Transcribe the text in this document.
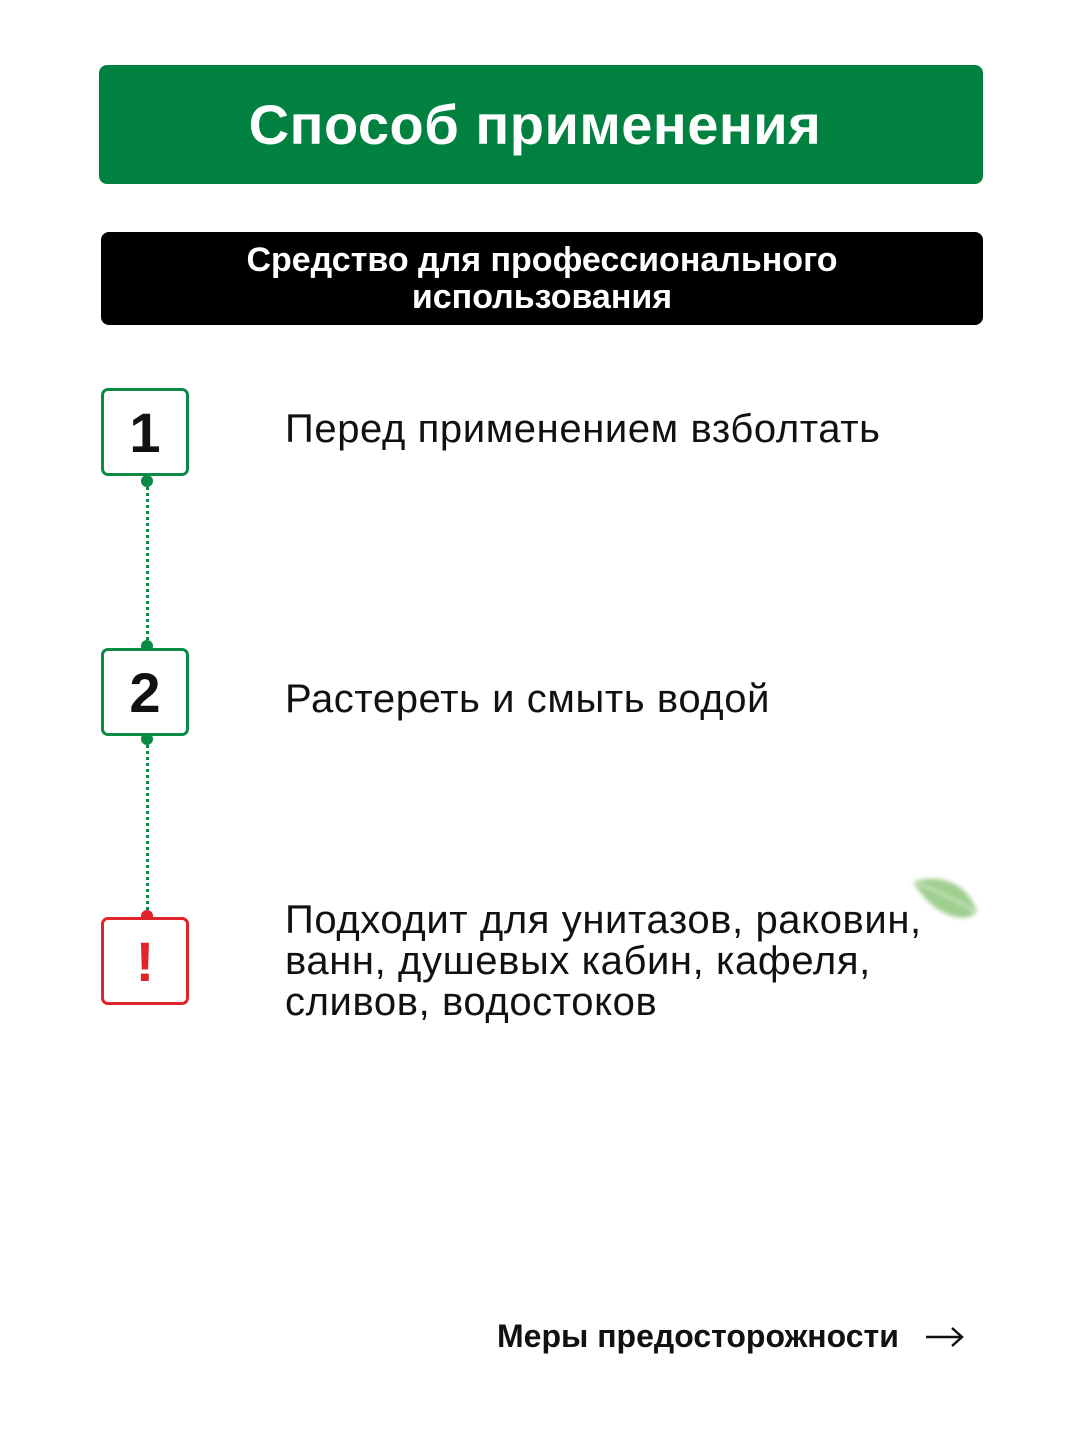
Способ применения
Средство для профессионального использования
1	Перед применением взболтать
2	Растереть и смыть водой
!
Подходит для унитазов, раковин, ванн, душевых кабин, кафеля, сливов, водостоков
Меры предосторожности
